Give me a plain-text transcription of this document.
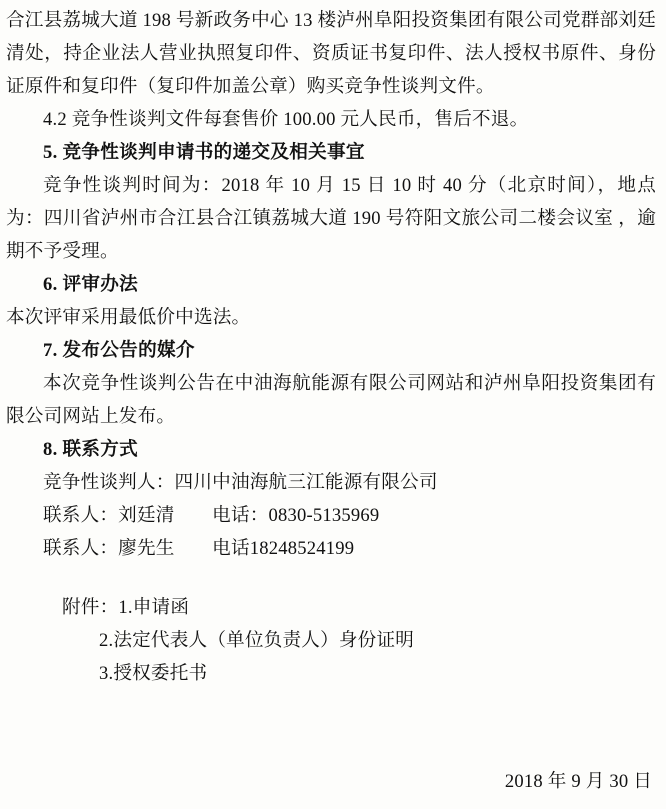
合江县荔城大道 198 号新政务中心 13 楼泸州阜阳投资集团有限公司党群部刘廷清处，持企业法人营业执照复印件、资质证书复印件、法人授权书原件、身份证原件和复印件（复印件加盖公章）购买竞争性谈判文件。

4.2 竞争性谈判文件每套售价 100.00 元人民币，售后不退。

5. 竞争性谈判申请书的递交及相关事宜

竞争性谈判时间为：2018 年 10 月 15 日 10 时 40 分（北京时间），地点为：四川省泸州市合江县合江镇荔城大道 190 号符阳文旅公司二楼会议室 ，逾期不予受理。

6. 评审办法

本次评审采用最低价中选法。

7. 发布公告的媒介

本次竞争性谈判公告在中油海航能源有限公司网站和泸州阜阳投资集团有限公司网站上发布。

8. 联系方式

竞争性谈判人：四川中油海航三江能源有限公司

联系人：刘廷清　　电话：0830-5135969

联系人：廖先生　　电话18248524199

附件：1.申请函

2.法定代表人（单位负责人）身份证明

3.授权委托书

2018 年 9 月 30 日
